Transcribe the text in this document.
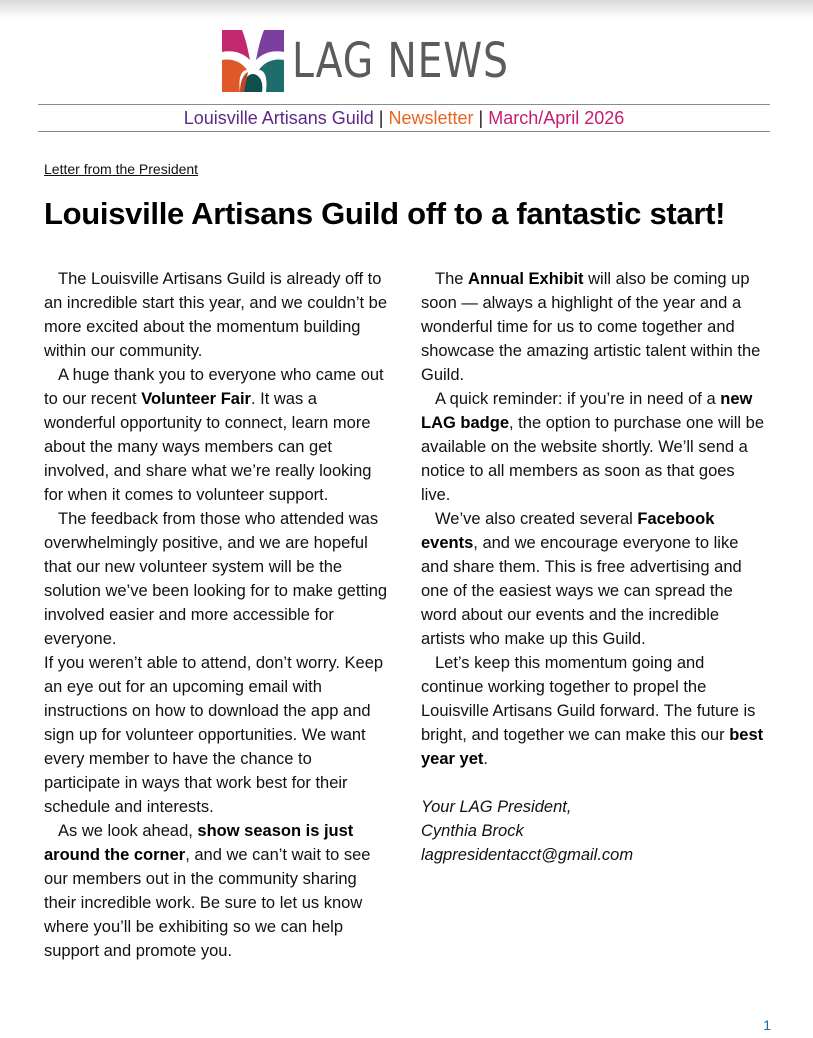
LAG NEWS
Louisville Artisans Guild | Newsletter | March/April 2026
Letter from the President
Louisville Artisans Guild off to a fantastic start!

The Louisville Artisans Guild is already off to an incredible start this year, and we couldn’t be more excited about the momentum building within our community.

A huge thank you to everyone who came out to our recent Volunteer Fair. It was a wonderful opportunity to connect, learn more about the many ways members can get involved, and share what we’re really looking for when it comes to volunteer support.

The feedback from those who attended was overwhelmingly positive, and we are hopeful that our new volunteer system will be the solution we’ve been looking for to make getting involved easier and more accessible for everyone.

If you weren’t able to attend, don’t worry. Keep an eye out for an upcoming email with instructions on how to download the app and sign up for volunteer opportunities. We want every member to have the chance to participate in ways that work best for their schedule and interests.

As we look ahead, show season is just around the corner, and we can’t wait to see our members out in the community sharing their incredible work. Be sure to let us know where you’ll be exhibiting so we can help support and promote you.

The Annual Exhibit will also be coming up soon — always a highlight of the year and a wonderful time for us to come together and showcase the amazing artistic talent within the Guild.

A quick reminder: if you’re in need of a new LAG badge, the option to purchase one will be available on the website shortly. We’ll send a notice to all members as soon as that goes live.

We’ve also created several Facebook events, and we encourage everyone to like and share them. This is free advertising and one of the easiest ways we can spread the word about our events and the incredible artists who make up this Guild.

Let’s keep this momentum going and continue working together to propel the Louisville Artisans Guild forward. The future is bright, and together we can make this our best year yet.

Your LAG President,
Cynthia Brock
lagpresidentacct@gmail.com
1
